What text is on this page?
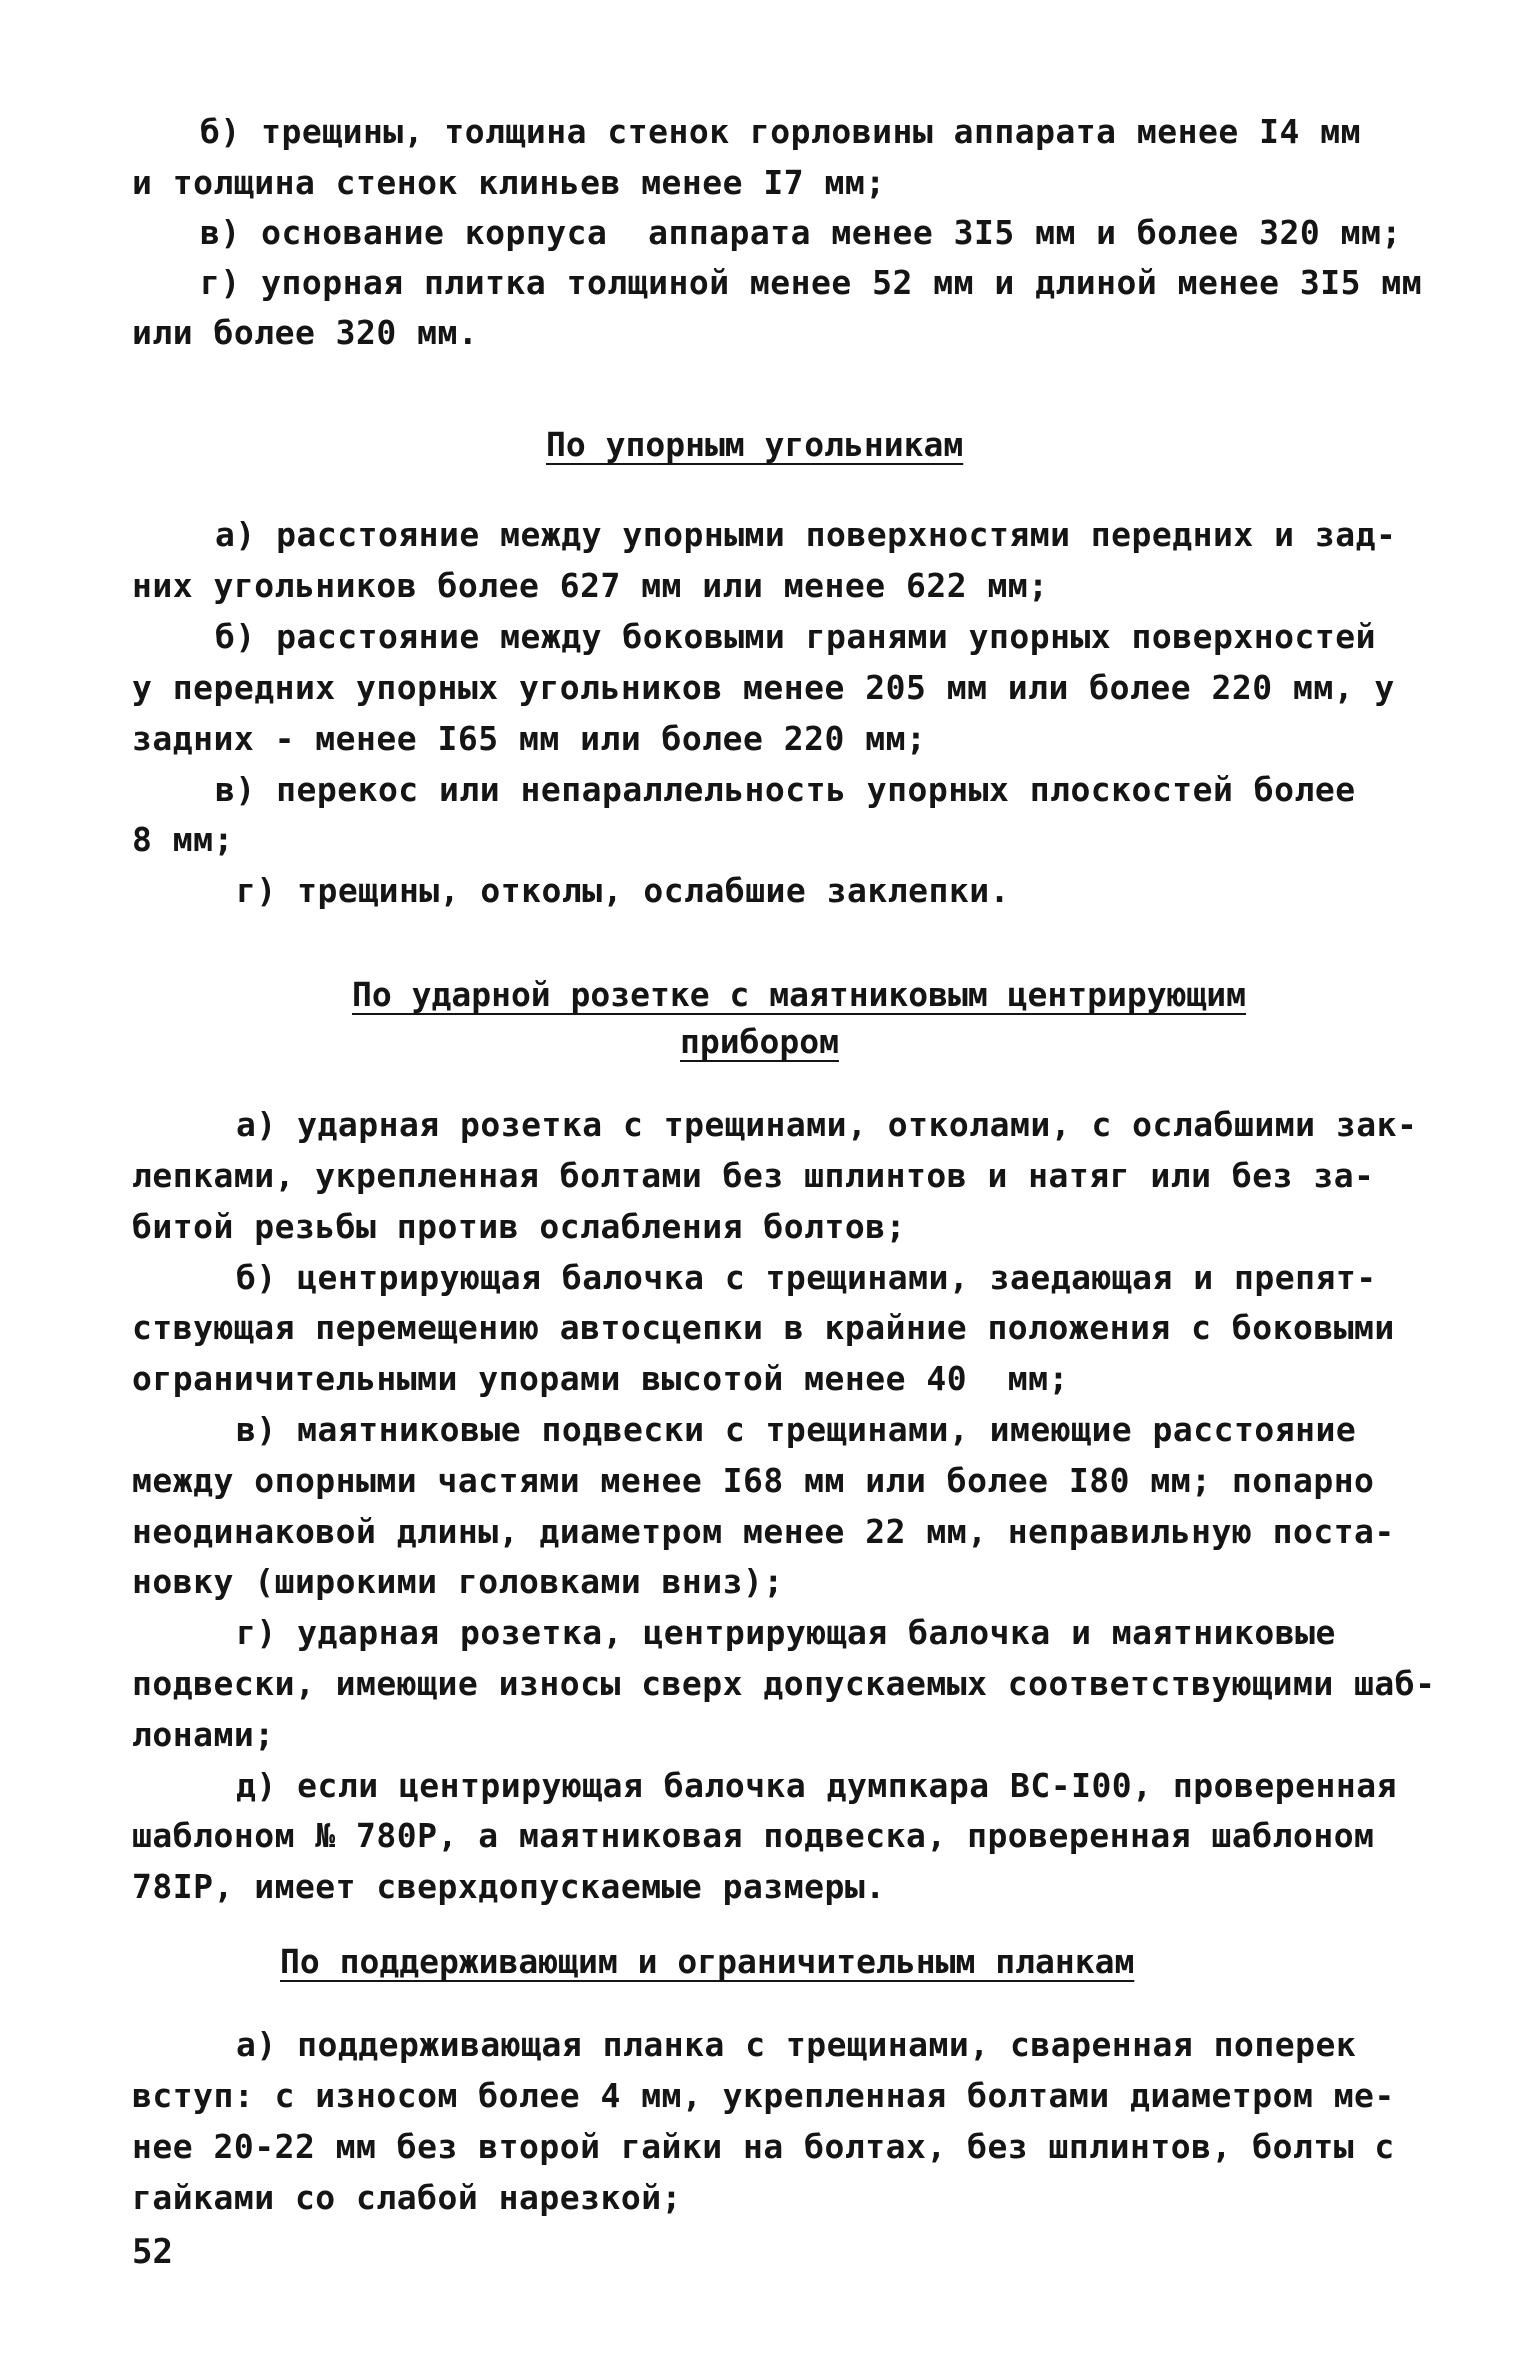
б) трещины, толщина стенок горловины аппарата менее I4 мм
и толщина стенок клиньев менее I7 мм;
в) основание корпуса  аппарата менее 3I5 мм и более 320 мм;
г) упорная плитка толщиной менее 52 мм и длиной менее 3I5 мм
или более 320 мм.
По упорным угольникам
а) расстояние между упорными поверхностями передних и зад-
них угольников более 627 мм или менее 622 мм;
б) расстояние между боковыми гранями упорных поверхностей
у передних упорных угольников менее 205 мм или более 220 мм, у
задних - менее I65 мм или более 220 мм;
в) перекос или непараллельность упорных плоскостей более
8 мм;
г) трещины, отколы, ослабшие заклепки.
По ударной розетке с маятниковым центрирующим
прибором
а) ударная розетка с трещинами, отколами, с ослабшими зак-
лепками, укрепленная болтами без шплинтов и натяг или без за-
битой резьбы против ослабления болтов;
б) центрирующая балочка с трещинами, заедающая и препят-
ствующая перемещению автосцепки в крайние положения с боковыми
ограничительными упорами высотой менее 40  мм;
в) маятниковые подвески с трещинами, имеющие расстояние
между опорными частями менее I68 мм или более I80 мм; попарно
неодинаковой длины, диаметром менее 22 мм, неправильную поста-
новку (широкими головками вниз);
г) ударная розетка, центрирующая балочка и маятниковые
подвески, имеющие износы сверх допускаемых соответствующими шаб-
лонами;
д) если центрирующая балочка думпкара ВС-I00, проверенная
шаблоном № 780Р, а маятниковая подвеска, проверенная шаблоном
78IР, имеет сверхдопускаемые размеры.
По поддерживающим и ограничительным планкам
а) поддерживающая планка с трещинами, сваренная поперек
вступ: с износом более 4 мм, укрепленная болтами диаметром ме-
нее 20-22 мм без второй гайки на болтах, без шплинтов, болты с
гайками со слабой нарезкой;
52
